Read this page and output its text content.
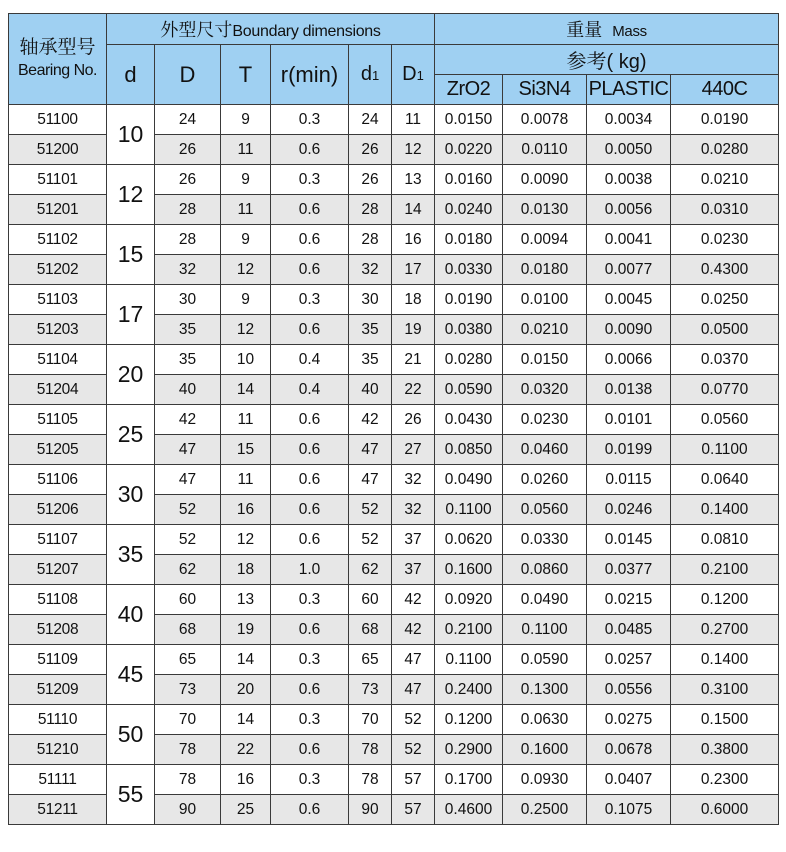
轴承型号
Bearing No.	外型尺寸Boundary dimensions						重量 Mass			
	d	D	T	r(min)	d1	D1	参考( kg)			
							ZrO2	Si3N4	PLASTIC	440C
51100	10	24	9	0.3	24	11	0.0150	0.0078	0.0034	0.0190
51200		26	11	0.6	26	12	0.0220	0.0110	0.0050	0.0280
51101	12	26	9	0.3	26	13	0.0160	0.0090	0.0038	0.0210
51201		28	11	0.6	28	14	0.0240	0.0130	0.0056	0.0310
51102	15	28	9	0.6	28	16	0.0180	0.0094	0.0041	0.0230
51202		32	12	0.6	32	17	0.0330	0.0180	0.0077	0.4300
51103	17	30	9	0.3	30	18	0.0190	0.0100	0.0045	0.0250
51203		35	12	0.6	35	19	0.0380	0.0210	0.0090	0.0500
51104	20	35	10	0.4	35	21	0.0280	0.0150	0.0066	0.0370
51204		40	14	0.4	40	22	0.0590	0.0320	0.0138	0.0770
51105	25	42	11	0.6	42	26	0.0430	0.0230	0.0101	0.0560
51205		47	15	0.6	47	27	0.0850	0.0460	0.0199	0.1100
51106	30	47	11	0.6	47	32	0.0490	0.0260	0.0115	0.0640
51206		52	16	0.6	52	32	0.1100	0.0560	0.0246	0.1400
51107	35	52	12	0.6	52	37	0.0620	0.0330	0.0145	0.0810
51207		62	18	1.0	62	37	0.1600	0.0860	0.0377	0.2100
51108	40	60	13	0.3	60	42	0.0920	0.0490	0.0215	0.1200
51208		68	19	0.6	68	42	0.2100	0.1100	0.0485	0.2700
51109	45	65	14	0.3	65	47	0.1100	0.0590	0.0257	0.1400
51209		73	20	0.6	73	47	0.2400	0.1300	0.0556	0.3100
51110	50	70	14	0.3	70	52	0.1200	0.0630	0.0275	0.1500
51210		78	22	0.6	78	52	0.2900	0.1600	0.0678	0.3800
51111	55	78	16	0.3	78	57	0.1700	0.0930	0.0407	0.2300
51211		90	25	0.6	90	57	0.4600	0.2500	0.1075	0.6000
